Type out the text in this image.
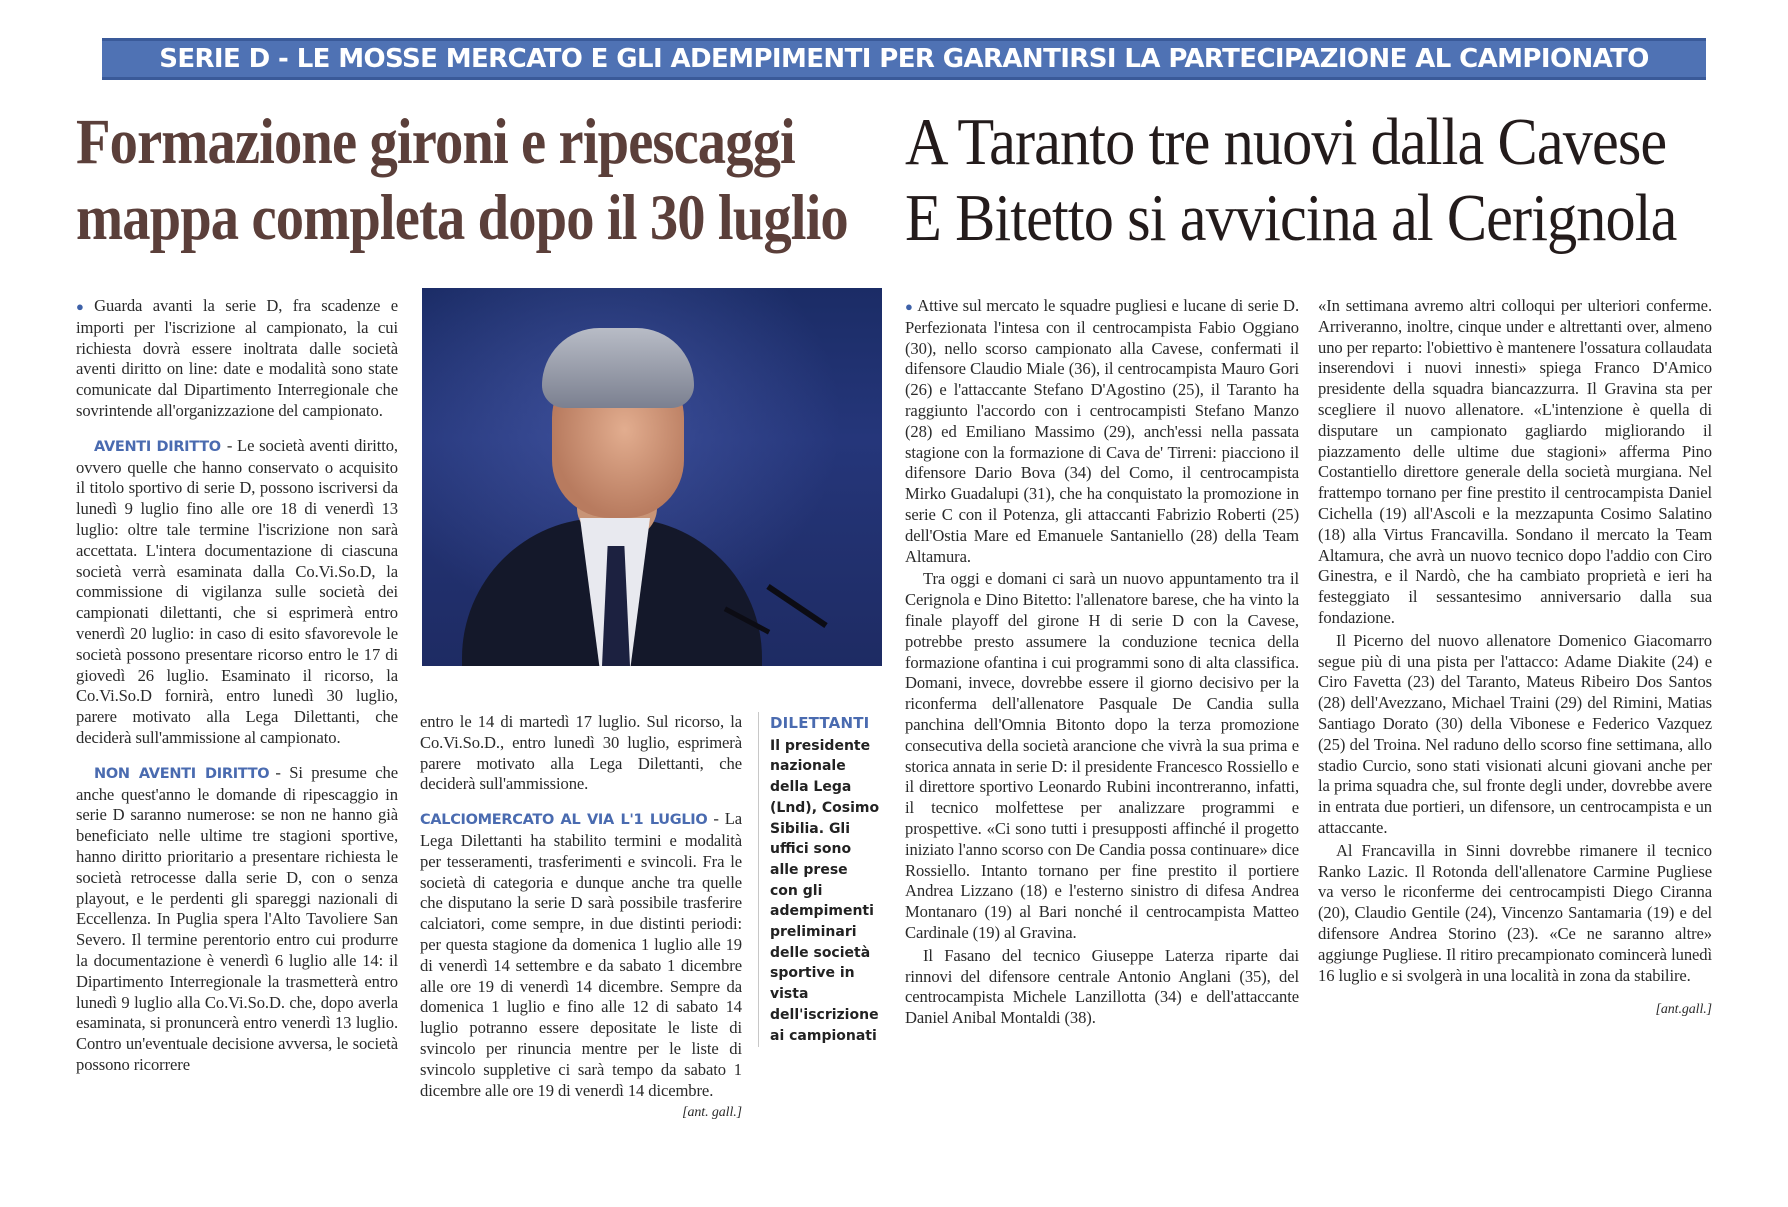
SERIE D - LE MOSSE MERCATO E GLI ADEMPIMENTI PER GARANTIRSI LA PARTECIPAZIONE AL CAMPIONATO
Formazione gironi e ripescaggi
mappa completa dopo il 30 luglio
A Taranto tre nuovi dalla Cavese
E Bitetto si avvicina al Cerignola

● Guarda avanti la serie D, fra scadenze e importi per l'iscrizione al campionato, la cui richiesta dovrà essere inoltrata dalle società aventi diritto on line: date e modalità sono state comunicate dal Dipartimento Interregionale che sovrintende all'organizzazione del campionato.

AVENTI DIRITTO - Le società aventi diritto, ovvero quelle che hanno conservato o acquisito il titolo sportivo di serie D, possono iscriversi da lunedì 9 luglio fino alle ore 18 di venerdì 13 luglio: oltre tale termine l'iscrizione non sarà accettata. L'intera documentazione di ciascuna società verrà esaminata dalla Co.Vi.So.D, la commissione di vigilanza sulle società dei campionati dilettanti, che si esprimerà entro venerdì 20 luglio: in caso di esito sfavorevole le società possono presentare ricorso entro le 17 di giovedì 26 luglio. Esaminato il ricorso, la Co.Vi.So.D fornirà, entro lunedì 30 luglio, parere motivato alla Lega Dilettanti, che deciderà sull'ammissione al campionato.

NON AVENTI DIRITTO - Si presume che anche quest'anno le domande di ripescaggio in serie D saranno numerose: se non ne hanno già beneficiato nelle ultime tre stagioni sportive, hanno diritto prioritario a presentare richiesta le società retrocesse dalla serie D, con o senza playout, e le perdenti gli spareggi nazionali di Eccellenza. In Puglia spera l'Alto Tavoliere San Severo. Il termine perentorio entro cui produrre la documentazione è venerdì 6 luglio alle 14: il Dipartimento Interregionale la trasmetterà entro lunedì 9 luglio alla Co.Vi.So.D. che, dopo averla esaminata, si pronuncerà entro venerdì 13 luglio. Contro un'eventuale decisione avversa, le società possono ricorrere

entro le 14 di martedì 17 luglio. Sul ricorso, la Co.Vi.So.D., entro lunedì 30 luglio, esprimerà parere motivato alla Lega Dilettanti, che deciderà sull'ammissione.

CALCIOMERCATO AL VIA L'1 LUGLIO - La Lega Dilettanti ha stabilito termini e modalità per tesseramenti, trasferimenti e svincoli. Fra le società di categoria e dunque anche tra quelle che disputano la serie D sarà possibile trasferire calciatori, come sempre, in due distinti periodi: per questa stagione da domenica 1 luglio alle 19 di venerdì 14 settembre e da sabato 1 dicembre alle ore 19 di venerdì 14 dicembre. Sempre da domenica 1 luglio e fino alle 12 di sabato 14 luglio potranno essere depositate le liste di svincolo per rinuncia mentre per le liste di svincolo suppletive ci sarà tempo da sabato 1 dicembre alle ore 19 di venerdì 14 dicembre.

[ant. gall.]
DILETTANTI
Il presidente nazionale della Lega (Lnd), Cosimo Sibilia. Gli uffici sono alle prese con gli adempimenti preliminari delle società sportive in vista dell'iscrizione ai campionati

● Attive sul mercato le squadre pugliesi e lucane di serie D. Perfezionata l'intesa con il centrocampista Fabio Oggiano (30), nello scorso campionato alla Cavese, confermati il difensore Claudio Miale (36), il centrocampista Mauro Gori (26) e l'attaccante Stefano D'Agostino (25), il Taranto ha raggiunto l'accordo con i centrocampisti Stefano Manzo (28) ed Emiliano Massimo (29), anch'essi nella passata stagione con la formazione di Cava de' Tirreni: piacciono il difensore Dario Bova (34) del Como, il centrocampista Mirko Guadalupi (31), che ha conquistato la promozione in serie C con il Potenza, gli attaccanti Fabrizio Roberti (25) dell'Ostia Mare ed Emanuele Santaniello (28) della Team Altamura.

Tra oggi e domani ci sarà un nuovo appuntamento tra il Cerignola e Dino Bitetto: l'allenatore barese, che ha vinto la finale playoff del girone H di serie D con la Cavese, potrebbe presto assumere la conduzione tecnica della formazione ofantina i cui programmi sono di alta classifica. Domani, invece, dovrebbe essere il giorno decisivo per la riconferma dell'allenatore Pasquale De Candia sulla panchina dell'Omnia Bitonto dopo la terza promozione consecutiva della società arancione che vivrà la sua prima e storica annata in serie D: il presidente Francesco Rossiello e il direttore sportivo Leonardo Rubini incontreranno, infatti, il tecnico molfettese per analizzare programmi e prospettive. «Ci sono tutti i presupposti affinché il progetto iniziato l'anno scorso con De Candia possa continuare» dice Rossiello. Intanto tornano per fine prestito il portiere Andrea Lizzano (18) e l'esterno sinistro di difesa Andrea Montanaro (19) al Bari nonché il centrocampista Matteo Cardinale (19) al Gravina.

Il Fasano del tecnico Giuseppe Laterza riparte dai rinnovi del difensore centrale Antonio Anglani (35), del centrocampista Michele Lanzillotta (34) e dell'attaccante Daniel Anibal Montaldi (38).

«In settimana avremo altri colloqui per ulteriori conferme. Arriveranno, inoltre, cinque under e altrettanti over, almeno uno per reparto: l'obiettivo è mantenere l'ossatura collaudata inserendovi i nuovi innesti» spiega Franco D'Amico presidente della squadra biancazzurra. Il Gravina sta per scegliere il nuovo allenatore. «L'intenzione è quella di disputare un campionato gagliardo migliorando il piazzamento delle ultime due stagioni» afferma Pino Costantiello direttore generale della società murgiana. Nel frattempo tornano per fine prestito il centrocampista Daniel Cichella (19) all'Ascoli e la mezzapunta Cosimo Salatino (18) alla Virtus Francavilla. Sondano il mercato la Team Altamura, che avrà un nuovo tecnico dopo l'addio con Ciro Ginestra, e il Nardò, che ha cambiato proprietà e ieri ha festeggiato il sessantesimo anniversario dalla sua fondazione.

Il Picerno del nuovo allenatore Domenico Giacomarro segue più di una pista per l'attacco: Adame Diakite (24) e Ciro Favetta (23) del Taranto, Mateus Ribeiro Dos Santos (28) dell'Avezzano, Michael Traini (29) del Rimini, Matias Santiago Dorato (30) della Vibonese e Federico Vazquez (25) del Troina. Nel raduno dello scorso fine settimana, allo stadio Curcio, sono stati visionati alcuni giovani anche per la prima squadra che, sul fronte degli under, dovrebbe avere in entrata due portieri, un difensore, un centrocampista e un attaccante.

Al Francavilla in Sinni dovrebbe rimanere il tecnico Ranko Lazic. Il Rotonda dell'allenatore Carmine Pugliese va verso le riconferme dei centrocampisti Diego Ciranna (20), Claudio Gentile (24), Vincenzo Santamaria (19) e del difensore Andrea Storino (23). «Ce ne saranno altre» aggiunge Pugliese. Il ritiro precampionato comincerà lunedì 16 luglio e si svolgerà in una località in zona da stabilire.

[ant.gall.]
